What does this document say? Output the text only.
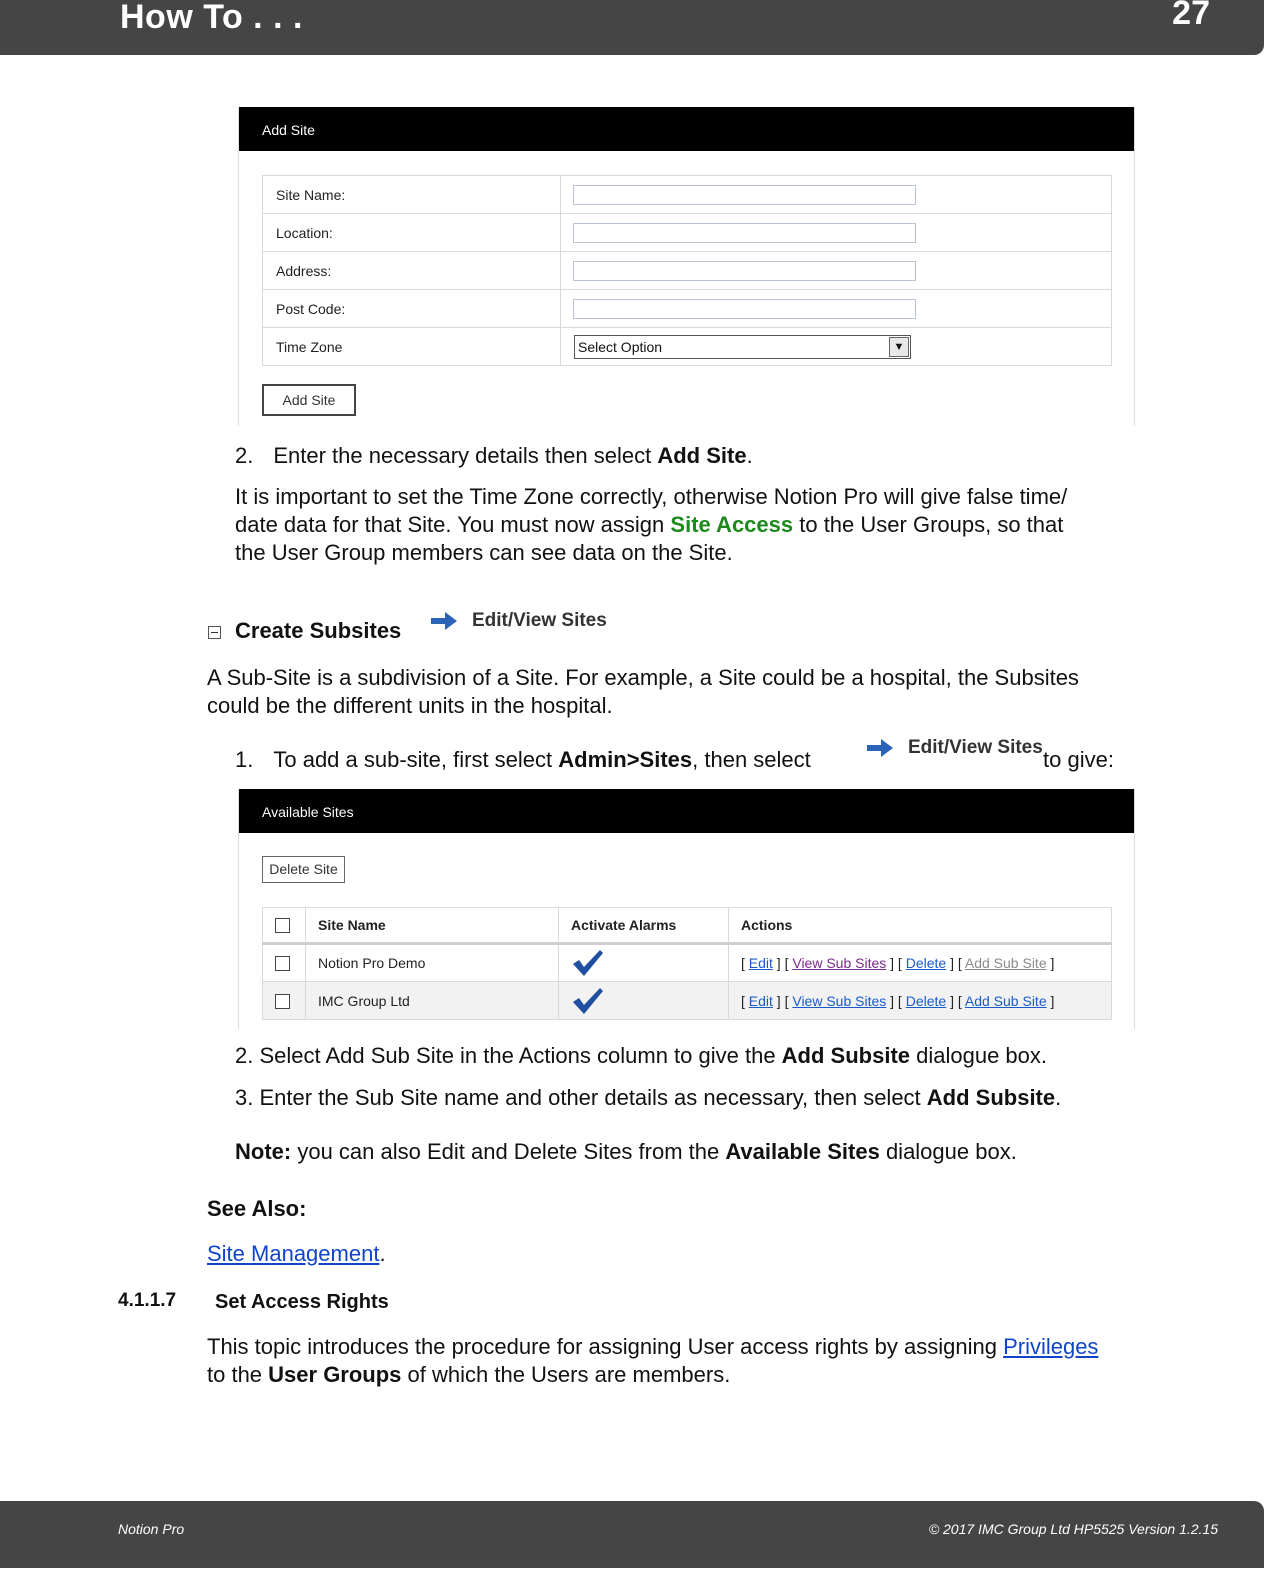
How To . . .	27
Add Site
Site Name:	

Location:	

Address:	

Post Code:	

Time Zone	Select Option ▼
Add Site
2. Enter the necessary details then select Add Site.
It is important to set the Time Zone correctly, otherwise Notion Pro will give false time/
date data for that Site. You must now assign Site Access to the User Groups, so that
the User Group members can see data on the Site.
Create Subsites	Edit/View Sites
A Sub-Site is a subdivision of a Site. For example, a Site could be a hospital, the Subsites
could be the different units in the hospital.
1. To add a sub-site, first select Admin>Sites, then select	Edit/View Sites to give:
Available Sites
Delete Site
	Site Name	Activate Alarms	Actions
	Notion Pro Demo		[ Edit ] [ View Sub Sites ] [ Delete ] [ Add Sub Site ]
	IMC Group Ltd		[ Edit ] [ View Sub Sites ] [ Delete ] [ Add Sub Site ]
2. Select Add Sub Site in the Actions column to give the Add Subsite dialogue box.
3. Enter the Sub Site name and other details as necessary, then select Add Subsite.
Note: you can also Edit and Delete Sites from the Available Sites dialogue box.
See Also:
Site Management.
4.1.1.7 Set Access Rights
This topic introduces the procedure for assigning User access rights by assigning Privileges
to the User Groups of which the Users are members.
Notion Pro	© 2017 IMC Group Ltd HP5525 Version 1.2.15
